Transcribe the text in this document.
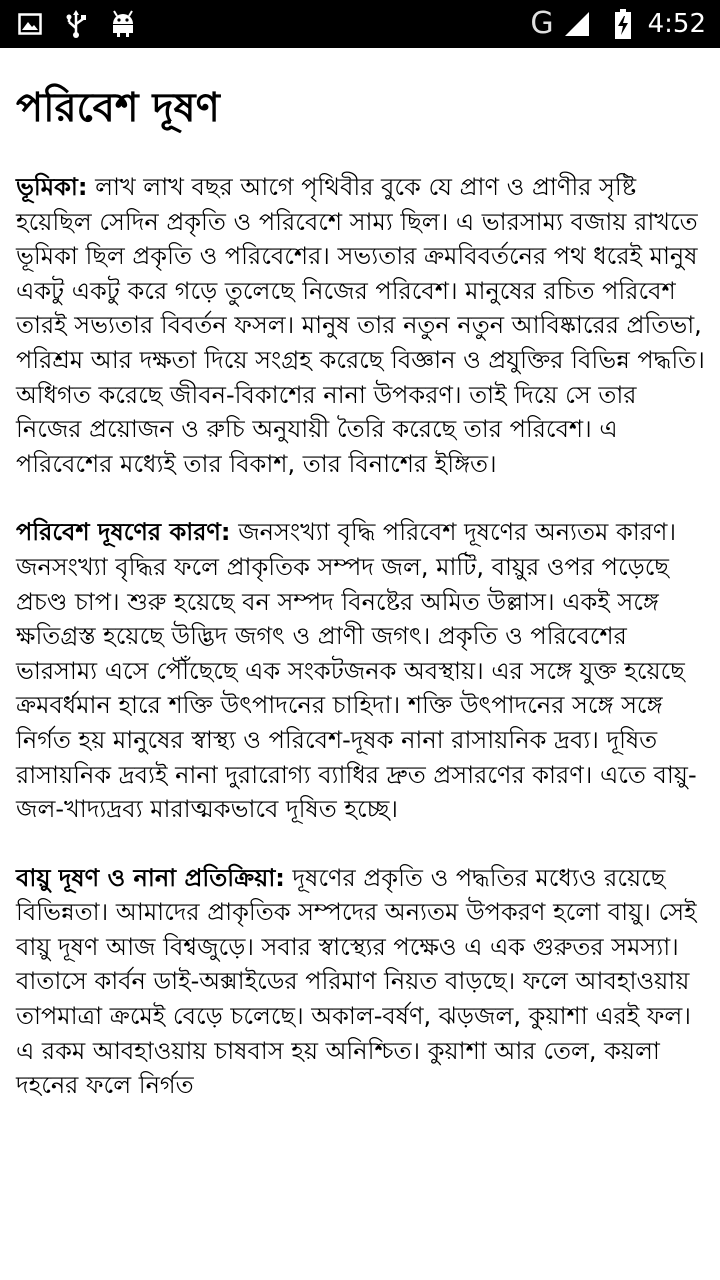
G	4:52
পরিবেশ দূষণ

ভূমিকা: লাখ লাখ বছর আগে পৃথিবীর বুকে যে প্রাণ ও প্রাণীর সৃষ্টি হয়েছিল সেদিন প্রকৃতি ও পরিবেশে সাম্য ছিল। এ ভারসাম্য বজায় রাখতে ভূমিকা ছিল প্রকৃতি ও পরিবেশের। সভ্যতার ক্রমবিবর্তনের পথ ধরেই মানুষ একটু একটু করে গড়ে তুলেছে নিজের পরিবেশ। মানুষের রচিত পরিবেশ তারই সভ্যতার বিবর্তন ফসল। মানুষ তার নতুন নতুন আবিষ্কারের প্রতিভা, পরিশ্রম আর দক্ষতা দিয়ে সংগ্রহ করেছে বিজ্ঞান ও প্রযুক্তির বিভিন্ন পদ্ধতি। অধিগত করেছে জীবন-বিকাশের নানা উপকরণ। তাই দিয়ে সে তার নিজের প্রয়োজন ও রুচি অনুযায়ী তৈরি করেছে তার পরিবেশ। এ পরিবেশের মধ্যেই তার বিকাশ, তার বিনাশের ইঙ্গিত।

পরিবেশ দূষণের কারণ: জনসংখ্যা বৃদ্ধি পরিবেশ দূষণের অন্যতম কারণ। জনসংখ্যা বৃদ্ধির ফলে প্রাকৃতিক সম্পদ জল, মাটি, বায়ুর ওপর পড়েছে প্রচণ্ড চাপ। শুরু হয়েছে বন সম্পদ বিনষ্টের অমিত উল্লাস। একই সঙ্গে ক্ষতিগ্রস্ত হয়েছে উদ্ভিদ জগৎ ও প্রাণী জগৎ। প্রকৃতি ও পরিবেশের ভারসাম্য এসে পৌঁছেছে এক সংকটজনক অবস্থায়। এর সঙ্গে যুক্ত হয়েছে ক্রমবর্ধমান হারে শক্তি উৎপাদনের চাহিদা। শক্তি উৎপাদনের সঙ্গে সঙ্গে নির্গত হয় মানুষের স্বাস্থ্য ও পরিবেশ-দূষক নানা রাসায়নিক দ্রব্য। দূষিত রাসায়নিক দ্রব্যই নানা দুরারোগ্য ব্যাধির দ্রুত প্রসারণের কারণ। এতে বায়ু-জল-খাদ্যদ্রব্য মারাত্মকভাবে দূষিত হচ্ছে।

বায়ু দূষণ ও নানা প্রতিক্রিয়া: দূষণের প্রকৃতি ও পদ্ধতির মধ্যেও রয়েছে বিভিন্নতা। আমাদের প্রাকৃতিক সম্পদের অন্যতম উপকরণ হলো বায়ু। সেই বায়ু দূষণ আজ বিশ্বজুড়ে। সবার স্বাস্থ্যের পক্ষেও এ এক গুরুতর সমস্যা। বাতাসে কার্বন ডাই-অক্সাইডের পরিমাণ নিয়ত বাড়ছে। ফলে আবহাওয়ায় তাপমাত্রা ক্রমেই বেড়ে চলেছে। অকাল-বর্ষণ, ঝড়জল, কুয়াশা এরই ফল। এ রকম আবহাওয়ায় চাষবাস হয় অনিশ্চিত। কুয়াশা আর তেল, কয়লা দহনের ফলে নির্গত
